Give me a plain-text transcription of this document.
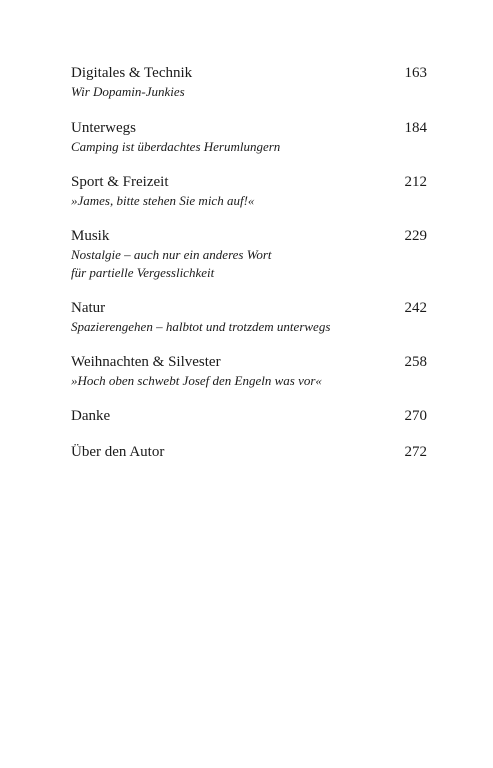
Digitales & Technik	163
Wir Dopamin-Junkies
Unterwegs	184
Camping ist überdachtes Herumlungern
Sport & Freizeit	212
»James, bitte stehen Sie mich auf!«
Musik	229
Nostalgie – auch nur ein anderes Wort
für partielle Vergesslichkeit
Natur	242
Spazierengehen – halbtot und trotzdem unterwegs
Weihnachten & Silvester	258
»Hoch oben schwebt Josef den Engeln was vor«
Danke	270
Über den Autor	272
